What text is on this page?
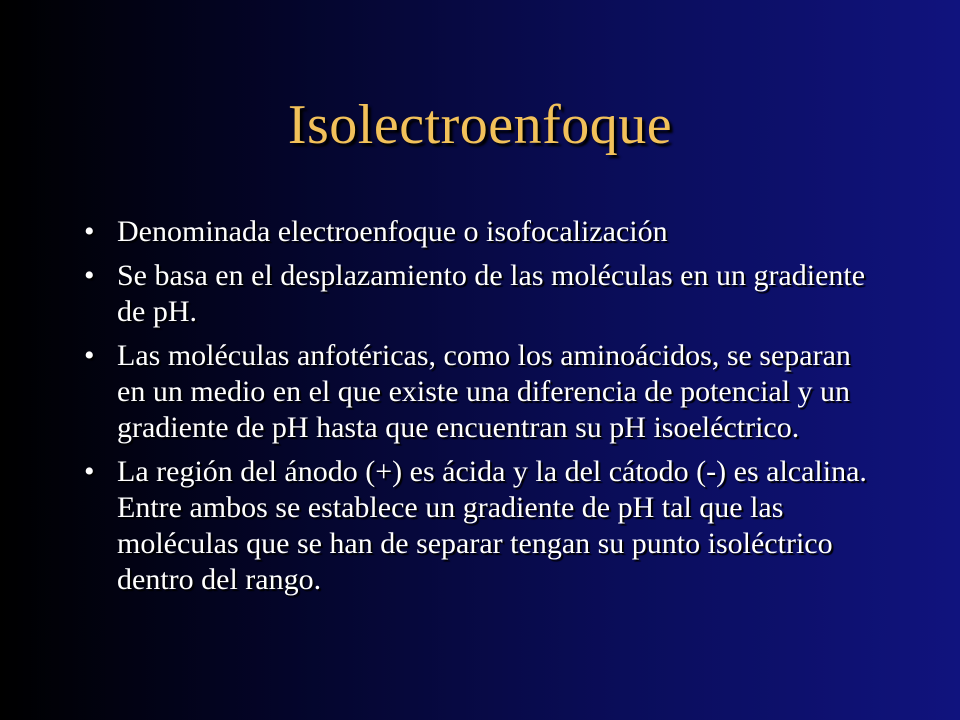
Isolectroenfoque
• Denominada electroenfoque o isofocalización
• Se basa en el desplazamiento de las moléculas en un gradiente de pH.
• Las moléculas anfotéricas, como los aminoácidos, se separan en un medio en el que existe una diferencia de potencial y un gradiente de pH hasta que encuentran su pH isoeléctrico.
• La región del ánodo (+) es ácida y la del cátodo (-) es alcalina. Entre ambos se establece un gradiente de pH tal que las moléculas que se han de separar tengan su punto isoléctrico dentro del rango.
